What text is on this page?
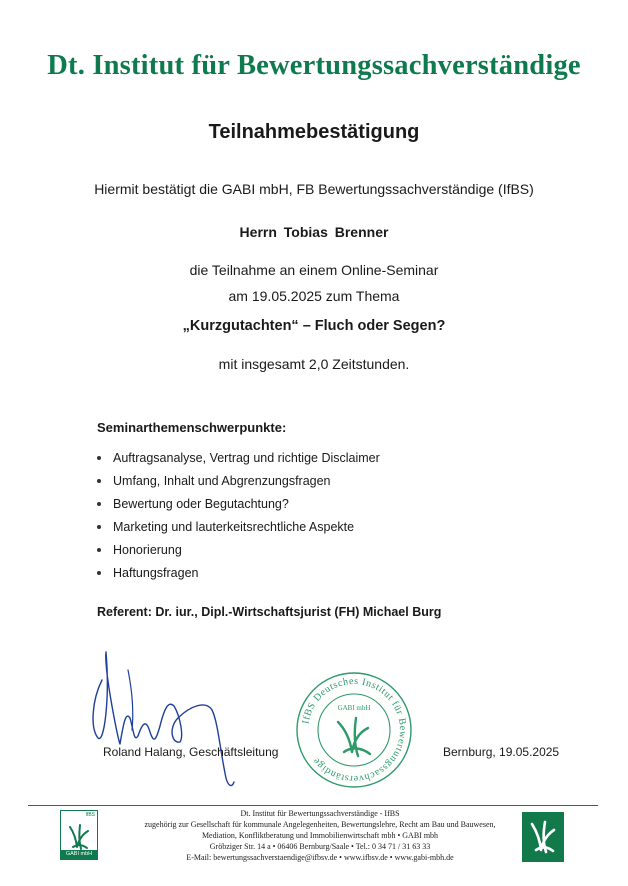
Dt. Institut für Bewertungssachverständige
Teilnahmebestätigung
Hiermit bestätigt die GABI mbH, FB Bewertungssachverständige (IfBS)
Herrn Tobias Brenner
die Teilnahme an einem Online-Seminar
am 19.05.2025 zum Thema
„Kurzgutachten“ – Fluch oder Segen?
mit insgesamt 2,0 Zeitstunden.
Seminarthemenschwerpunkte:
Auftragsanalyse, Vertrag und richtige Disclaimer
Umfang, Inhalt und Abgrenzungsfragen
Bewertung oder Begutachtung?
Marketing und lauterkeitsrechtliche Aspekte
Honorierung
Haftungsfragen
Referent: Dr. iur., Dipl.-Wirtschaftsjurist (FH) Michael Burg
Roland Halang, Geschäftsleitung	Bernburg, 19.05.2025
IfBS Deutsches Institut für Bewertungssachverständige
GABI mbH
IfBS
GABI mbH
Dt. Institut für Bewertungssachverständige - IfBS
zugehörig zur Gesellschaft für kommunale Angelegenheiten, Bewertungslehre, Recht am Bau und Bauwesen,
Mediation, Konfliktberatung und Immobilienwirtschaft mbh • GABI mbh
Gröbziger Str. 14 a • 06406 Bernburg/Saale • Tel.: 0 34 71 / 31 63 33
E-Mail: bewertungssachverstaendige@ifbsv.de • www.ifbsv.de • www.gabi-mbh.de
